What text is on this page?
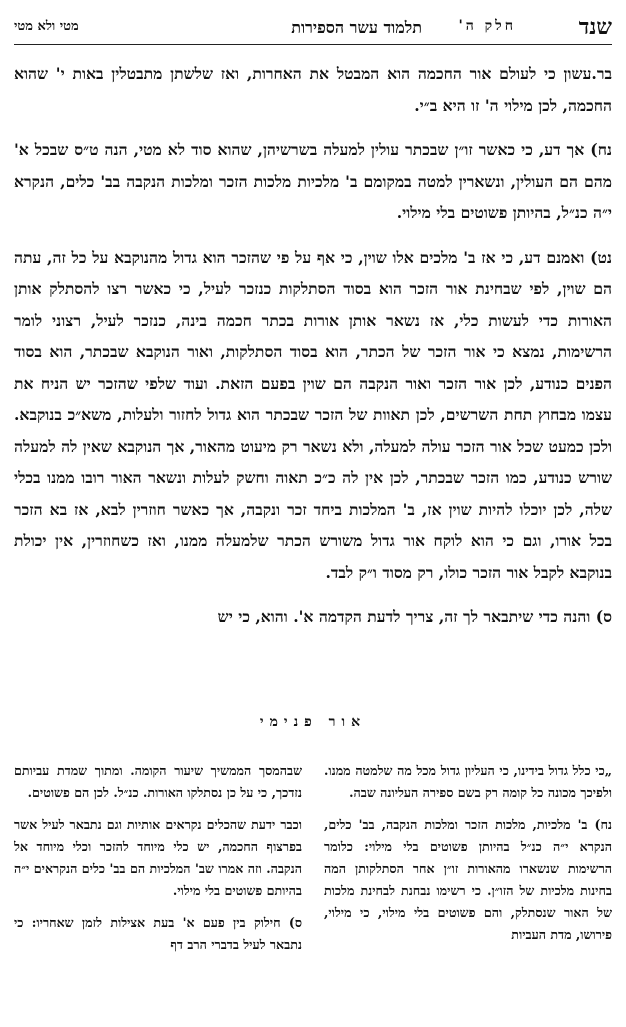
שנד
חלק ה'
תלמוד עשר הספירות
מטי ולא מטי

בר.עשון כי לעולם אור החכמה הוא המבטל את האחרות, ואז שלשתן מתבטלין באות י' שהוא החכמה, לכן מילוי ה' זו היא ב״י.

נח) אך דע, כי כאשר זו״ן שבכתר עולין למעלה בשרשיהן, שהוא סוד לא מטי, הנה ט״ס שבכל א' מהם הם העולין, ונשארין למטה במקומם ב' מלכיות מלכות הזכר ומלכות הנקבה בב' כלים, הנקרא י״ה כנ״ל, בהיותן פשוטים בלי מילוי.

נט) ואמנם דע, כי אז ב' מלכים אלו שוין, כי אף על פי שהזכר הוא גדול מהנוקבא על כל זה, עתה הם שוין, לפי שבחינת אור הזכר הוא בסוד הסתלקות כנזכר לעיל, כי כאשר רצו להסתלק אותן האורות כדי לעשות כלי, אז נשאר אותן אורות בכתר חכמה בינה, כנזכר לעיל, רצוני לומר הרשימות, נמצא כי אור הזכר של הכתר, הוא בסוד הסתלקות, ואור הנוקבא שבכתר, הוא בסוד הפנים כנודע, לכן אור הזכר ואור הנקבה הם שוין בפעם הזאת. ועוד שלפי שהזכר יש הניח את עצמו מבחוץ תחת השרשים, לכן תאוות של הזכר שבכתר הוא גדול לחזור ולעלות, משא״כ בנוקבא. ולכן כמעט שכל אור הזכר עולה למעלה, ולא נשאר רק מיעוט מהאור, אך הנוקבא שאין לה למעלה שורש כנודע, כמו הזכר שבכתר, לכן אין לה כ״כ תאוה וחשק לעלות ונשאר האור רובו ממנו בכלי שלה, לכן יוכלו להיות שוין אז, ב' המלכות ביחד זכר ונקבה, אך כאשר חוזרין לבא, אז בא הזכר בכל אורו, וגם כי הוא לוקח אור גדול משורש הכתר שלמעלה ממנו, ואז כשחוזרין, אין יכולת בנוקבא לקבל אור הזכר כולו, רק מסוד ו״ק לבד.

ס) והנה כדי שיתבאר לך זה, צריך לדעת הקדמה א'. והוא, כי יש

אור פנימי

„כי כלל גדול בידינו, כי העליון גדול מכל מה שלמטה ממנו. ולפיכך מכונה כל קומה רק בשם ספירה העליונה שבה.

נח) ב' מלכיות, מלכות הזכר ומלכות הנקבה, בב' כלים, הנקרא י״ה כנ״ל בהיותן פשוטים בלי מילוי: כלומר הרשימות שנשארו מהאורות זו״ן אחר הסתלקותן המה בחינות מלכיות של הזו״ן. כי רשימו נבחנת לבחינת מלכות של האור שנסתלק, והם פשוטים בלי מילוי, כי מילוי, פירושו, מדת העביות

שבהמסך הממשיך שיעור הקומה. ומתוך שמדת עביותם נזדכך, כי על כן נסתלקו האורות. כנ״ל. לכן הם פשוטים.

וכבר ידעת שהכלים נקראים אותיות וגם נתבאר לעיל אשר בפרצוף החכמה, יש כלי מיוחד להזכר וכלי מיוחד אל הנקבה. וזה אמרו שב' המלכיות הם בב' כלים הנקראים י״ה בהיותם פשוטים בלי מילוי.

ס) חילוק בין פעם א' בעת אצילות לזמן שאחריו: כי נתבאר לעיל בדברי הרב דף
